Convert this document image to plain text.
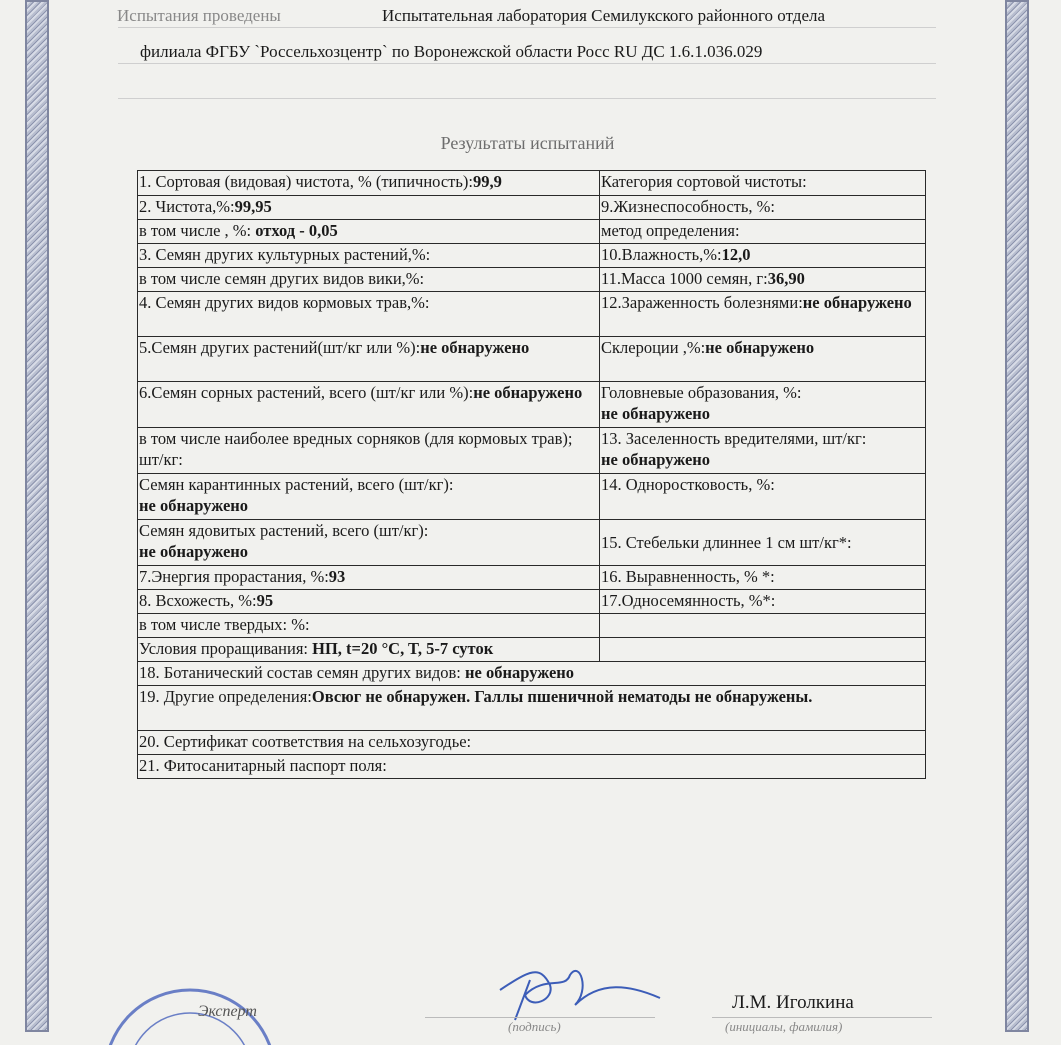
Испытания проведены	Испытательная лаборатория Семилукского районного отдела
филиала ФГБУ `Россельхозцентр` по Воронежской области Росс RU ДС 1.6.1.036.029
Результаты испытаний
1. Сортовая (видовая) чистота, % (типичность):99,9	Категория сортовой чистоты:
2. Чистота,%:99,95	9.Жизнеспособность, %:
в том числе , %: отход - 0,05	метод определения:
3. Семян других культурных растений,%:	10.Влажность,%:12,0
в том числе семян других видов вики,%:	11.Масса 1000 семян, г:36,90
4. Семян других видов кормовых трав,%:	12.Зараженность болезнями:не обнаружено
5.Семян других растений(шт/кг или %):не обнаружено	Склероции ,%:не обнаружено
6.Семян сорных растений, всего (шт/кг или %):не обнаружено	Головневые образования, %:
не обнаружено
в том числе наиболее вредных сорняков (для кормовых трав); шт/кг:	13. Заселенность вредителями, шт/кг:
не обнаружено
Семян карантинных растений, всего (шт/кг):
не обнаружено	14. Одноростковость, %:
Семян ядовитых растений, всего (шт/кг):
не обнаружено	15. Стебельки длиннее 1 см шт/кг*:
7.Энергия прорастания, %:93	16. Выравненность, % *:
8. Всхожесть, %:95	17.Односемянность, %*:
в том числе твердых: %:	
Условия проращивания: НП, t=20 °C, T, 5-7 суток	
18. Ботанический состав семян других видов: не обнаружено	
19. Другие определения:Овсюг не обнаружен. Галлы пшеничной нематоды не обнаружены.	
20. Сертификат соответствия на сельхозугодье:	
21. Фитосанитарный паспорт поля:	
Эксперт
(подпись)
Л.М. Иголкина
(инициалы, фамилия)
